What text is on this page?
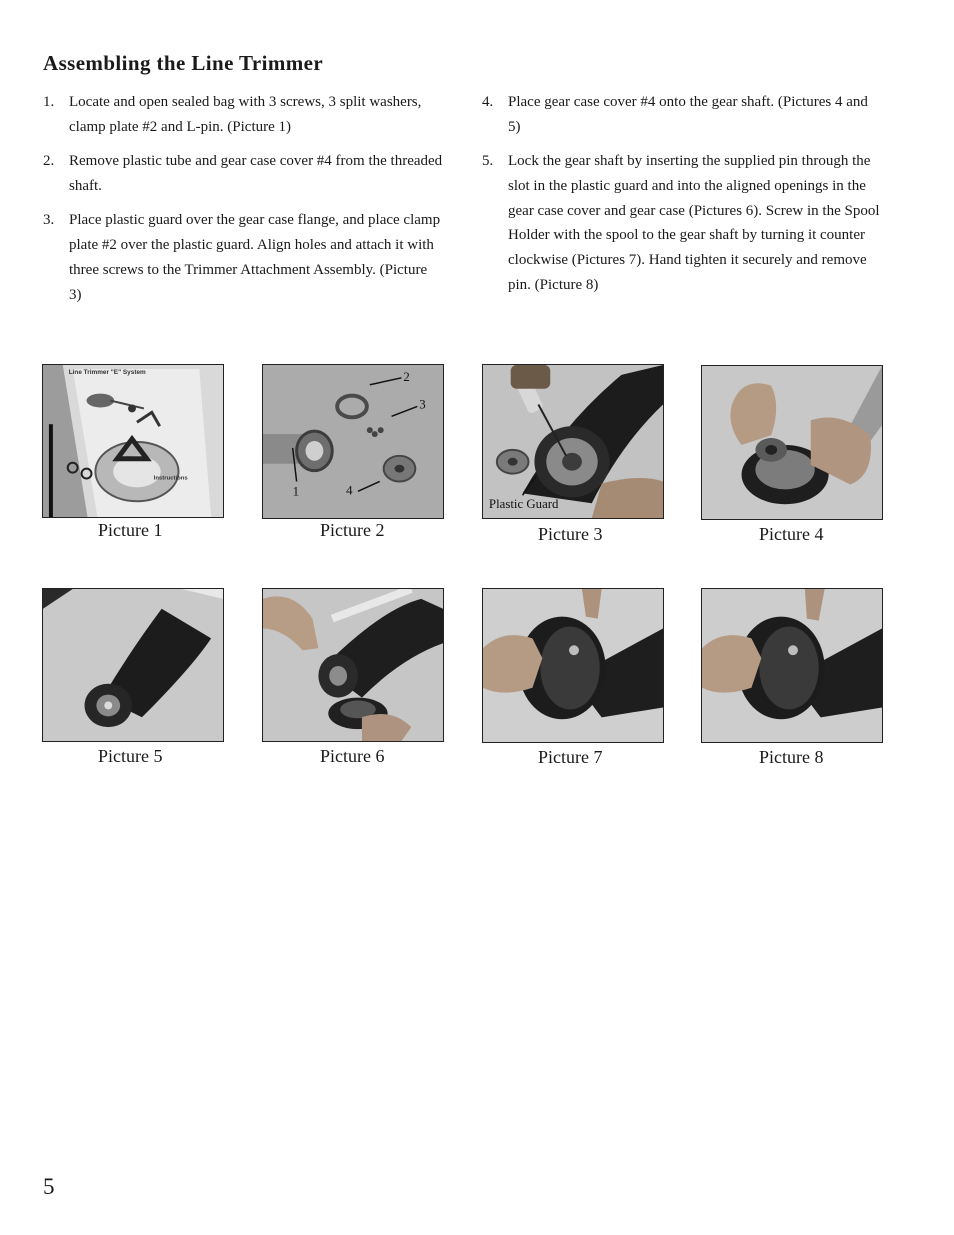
Assembling the Line Trimmer
1. Locate and open sealed bag with 3 screws, 3 split washers, clamp plate #2 and L-pin. (Picture 1)
2. Remove plastic tube and gear case cover #4 from the threaded shaft.
3. Place plastic guard over the gear case flange, and place clamp plate #2 over the plastic guard. Align holes and attach it with three screws to the Trimmer Attachment Assembly. (Picture 3)
4. Place gear case cover #4 onto the gear shaft. (Pictures 4 and 5)
5. Lock the gear shaft by inserting the supplied pin through the slot in the plastic guard and into the aligned openings in the gear case cover and gear case (Pictures 6). Screw in the Spool Holder with the spool to the gear shaft by turning it counter clockwise (Pictures 7). Hand tighten it securely and remove pin. (Picture 8)
Line Trimmer "E" System
Instructions
Picture 1
2
3
1	4
Picture 2
Plastic Guard
Picture 3	Picture 4
Picture 5	Picture 6	Picture 7	Picture 8
5
